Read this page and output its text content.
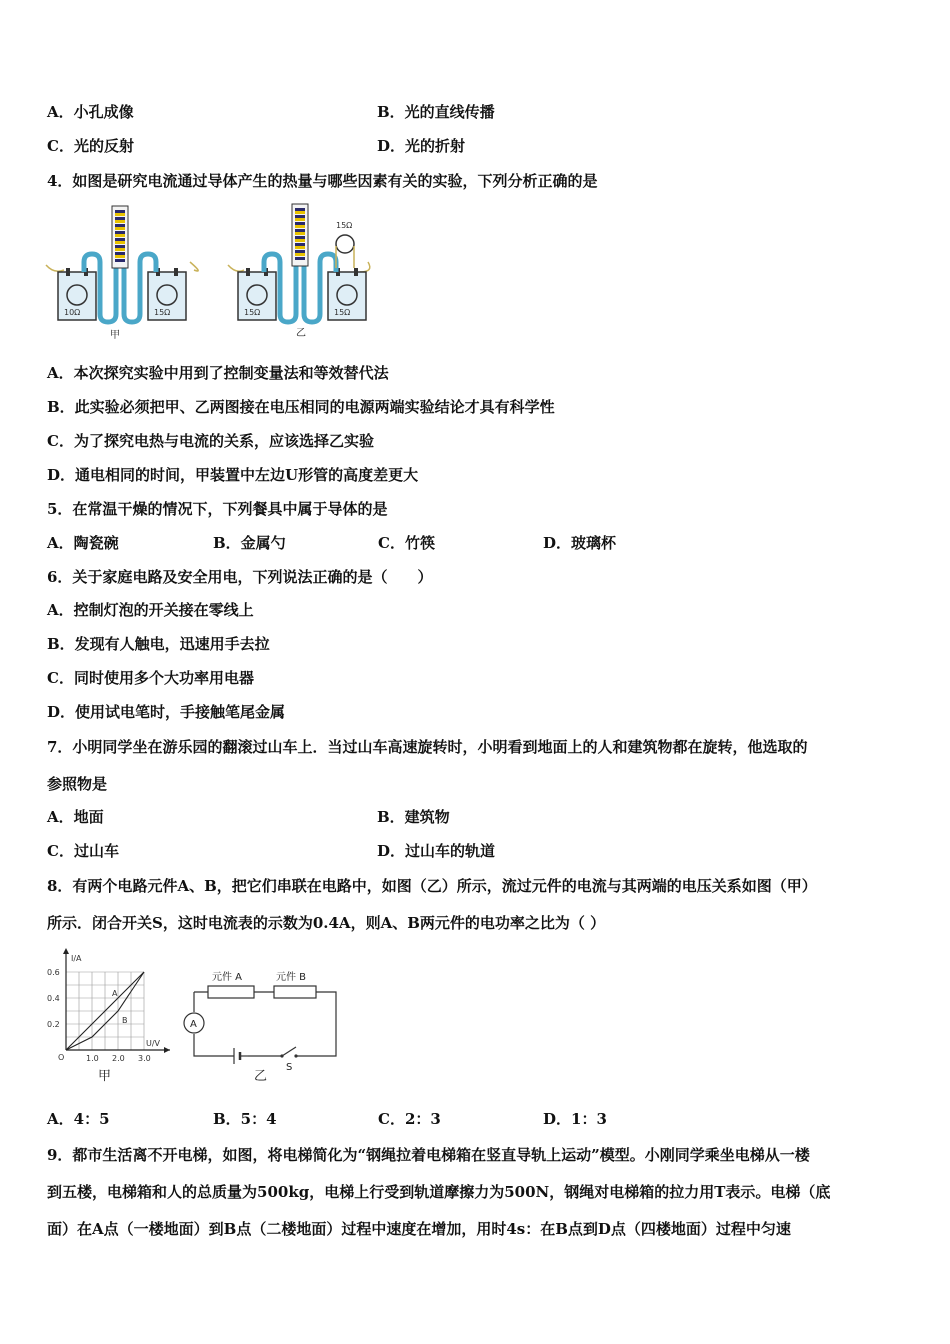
A．小孔成像	B．光的直线传播
C．光的反射	D．光的折射
4．如图是研究电流通过导体产生的热量与哪些因素有关的实验，下列分析正确的是
10Ω	15Ω
甲
15Ω
15Ω	15Ω
乙
A．本次探究实验中用到了控制变量法和等效替代法
B．此实验必须把甲、乙两图接在电压相同的电源两端实验结论才具有科学性
C．为了探究电热与电流的关系，应该选择乙实验
D．通电相同的时间，甲装置中左边U形管的高度差更大
5．在常温干燥的情况下，下列餐具中属于导体的是
A．陶瓷碗	B．金属勺	C．竹筷	D．玻璃杯
6．关于家庭电路及安全用电，下列说法正确的是（　　）
A．控制灯泡的开关接在零线上
B．发现有人触电，迅速用手去拉
C．同时使用多个大功率用电器
D．使用试电笔时，手接触笔尾金属
7．小明同学坐在游乐园的翻滚过山车上．当过山车高速旋转时，小明看到地面上的人和建筑物都在旋转，他选取的
参照物是
A．地面	B．建筑物
C．过山车	D．过山车的轨道
8．有两个电路元件A、B，把它们串联在电路中，如图（乙）所示，流过元件的电流与其两端的电压关系如图（甲）
所示．闭合开关S，这时电流表的示数为0.4A，则A、B两元件的电功率之比为（ ）
I/A
U/V
O	1.0 2.0 3.0
0.2
0.4
0.6
A
B
甲
元件 A	元件 B
A
S
乙
A．4：5	B．5：4	C．2：3	D．1：3
9．都市生活离不开电梯，如图，将电梯简化为“钢绳拉着电梯箱在竖直导轨上运动”模型。小刚同学乘坐电梯从一楼
到五楼，电梯箱和人的总质量为500kg，电梯上行受到轨道摩擦力为500N，钢绳对电梯箱的拉力用T表示。电梯（底
面）在A点（一楼地面）到B点（二楼地面）过程中速度在增加，用时4s：在B点到D点（四楼地面）过程中匀速
